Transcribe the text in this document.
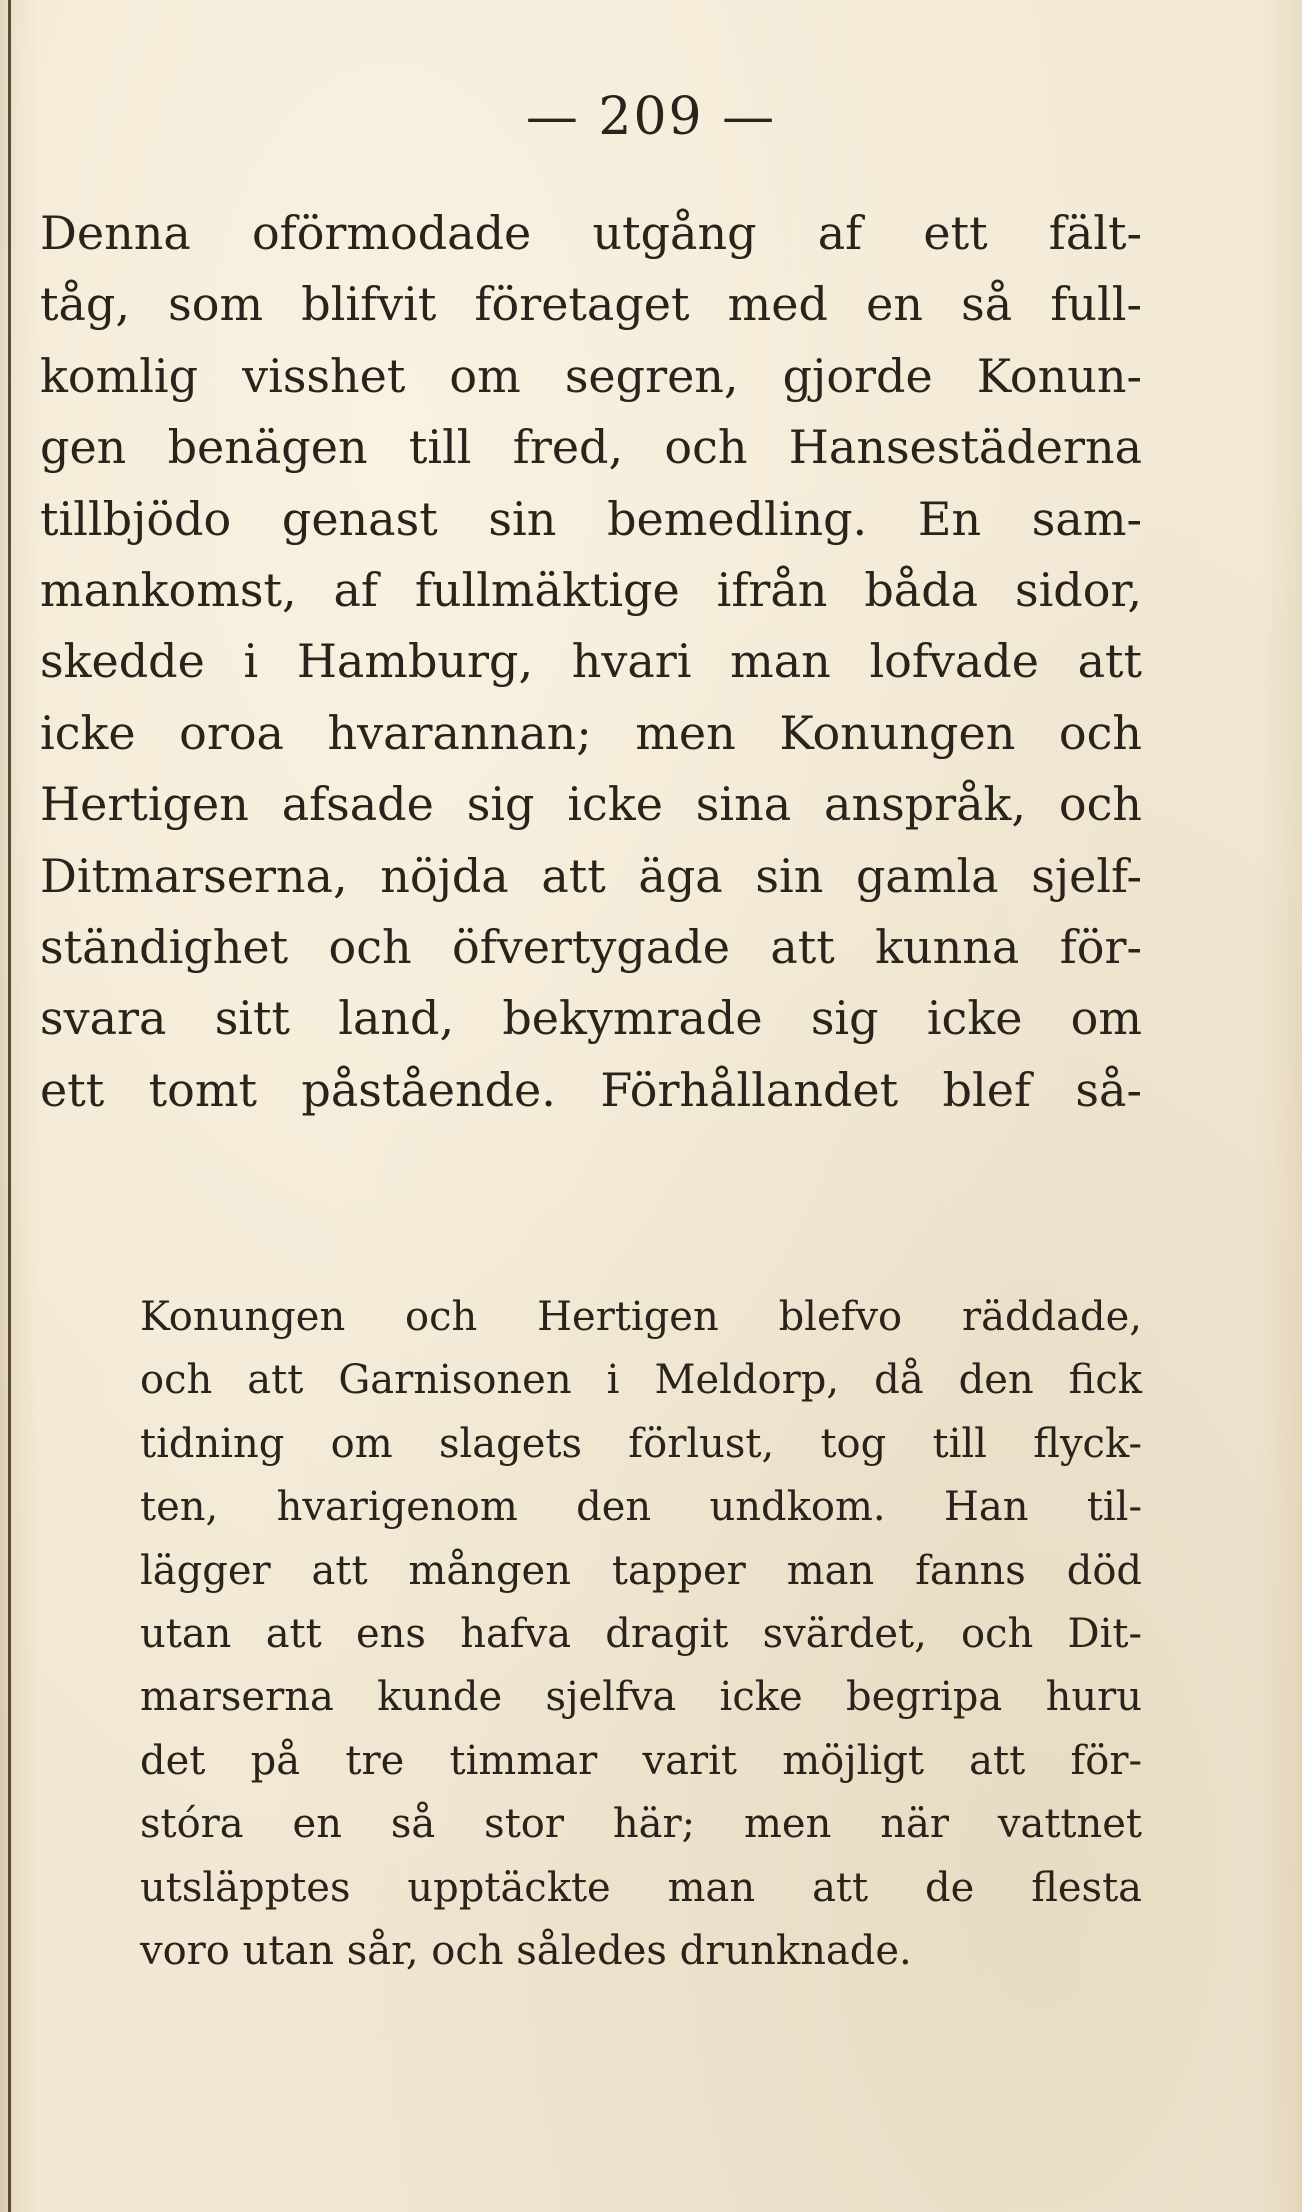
— 209 —
Denna oförmodade utgång af ett fält-
tåg, som blifvit företaget med en så full-
komlig visshet om segren, gjorde Konun-
gen benägen till fred, och Hansestäderna
tillbjödo genast sin bemedling. En sam-
mankomst, af fullmäktige ifrån båda sidor,
skedde i Hamburg, hvari man lofvade att
icke oroa hvarannan; men Konungen och
Hertigen afsade sig icke sina anspråk, och
Ditmarserna, nöjda att äga sin gamla sjelf-
ständighet och öfvertygade att kunna för-
svara sitt land, bekymrade sig icke om
ett tomt påstående. Förhållandet blef så-
Konungen och Hertigen blefvo räddade,
och att Garnisonen i Meldorp, då den fick
tidning om slagets förlust, tog till flyck-
ten, hvarigenom den undkom. Han til-
lägger att mången tapper man fanns död
utan att ens hafva dragit svärdet, och Dit-
marserna kunde sjelfva icke begripa huru
det på tre timmar varit möjligt att för-
stóra en så stor här; men när vattnet
utsläpptes upptäckte man att de flesta
voro utan sår, och således drunknade.
